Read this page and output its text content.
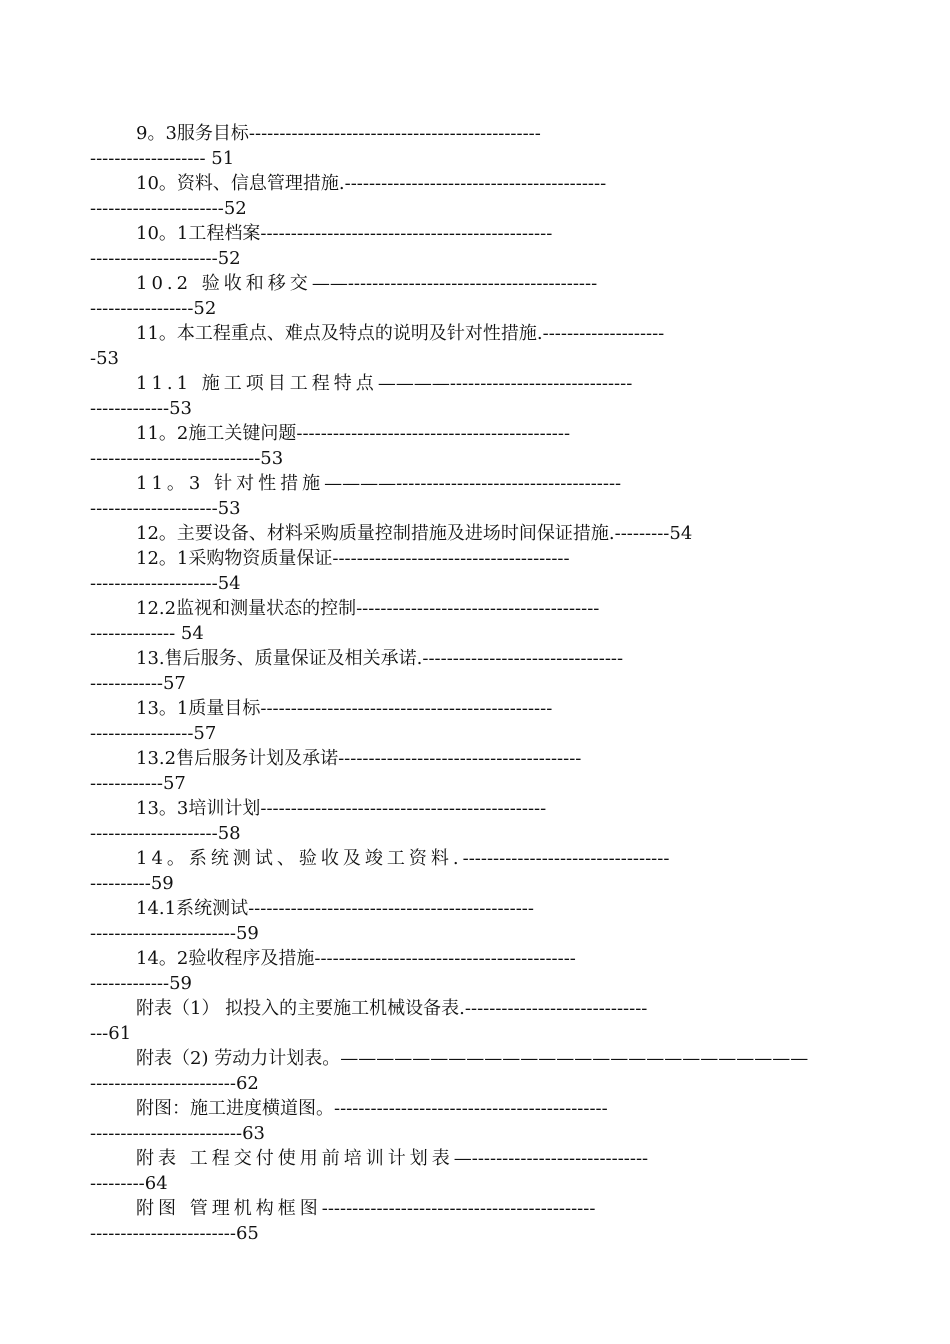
9。3服务目标------------------------------------------------
------------------- 51
10。资料、信息管理措施.-------------------------------------------
----------------------52
10。1工程档案------------------------------------------------
---------------------52
10.2 验收和移交——-----------------------------------------
-----------------52
11。本工程重点、难点及特点的说明及针对性措施.--------------------
-53
11.1 施工项目工程特点————------------------------------
-------------53
11。2施工关键问题---------------------------------------------
----------------------------53
11。3 针对性措施————-------------------------------------
---------------------53
12。主要设备、材料采购质量控制措施及进场时间保证措施.---------54
12。1采购物资质量保证---------------------------------------
---------------------54
12.2监视和测量状态的控制----------------------------------------
-------------- 54
13.售后服务、质量保证及相关承诺.---------------------------------
------------57
13。1质量目标------------------------------------------------
-----------------57
13.2售后服务计划及承诺----------------------------------------
------------57
13。3培训计划-----------------------------------------------
---------------------58
14。系统测试、验收及竣工资料.----------------------------------
----------59
14.1系统测试-----------------------------------------------
------------------------59
14。2验收程序及措施-------------------------------------------
-------------59
附表（1） 拟投入的主要施工机械设备表.------------------------------
---61
附表（2) 劳动力计划表。——————————————————————————
------------------------62
附图：施工进度横道图。---------------------------------------------
-------------------------63
附表 工程交付使用前培训计划表—-----------------------------
---------64
附图 管理机构框图---------------------------------------------
------------------------65
